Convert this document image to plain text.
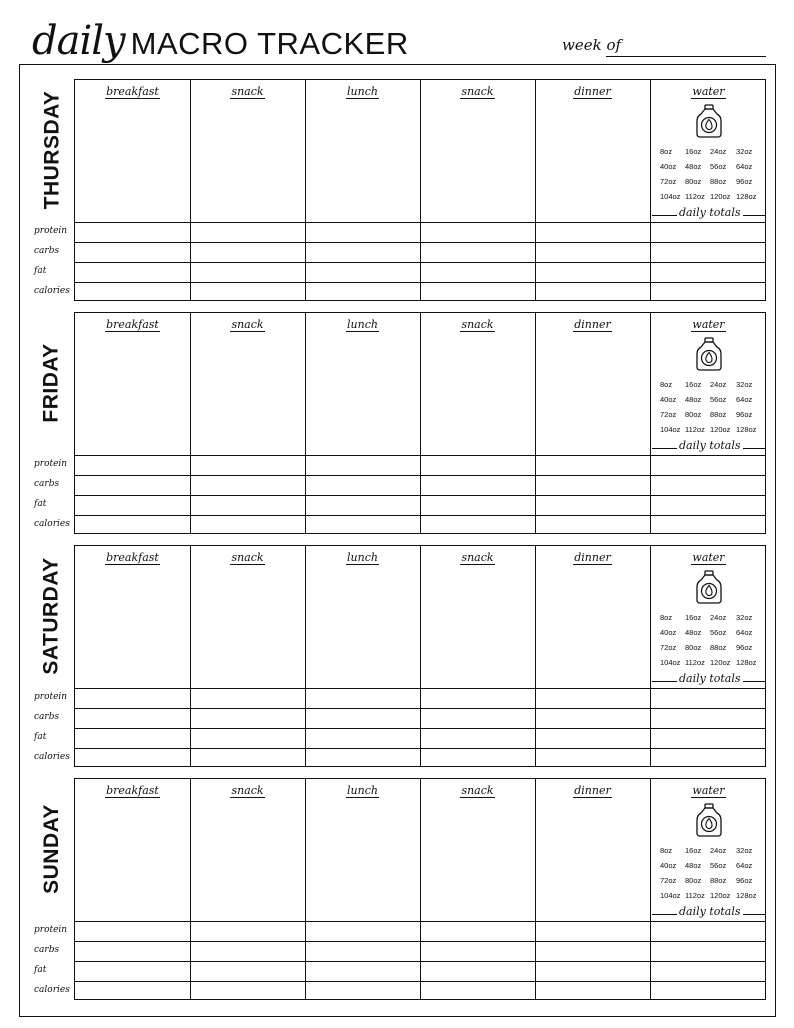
daily MACRO TRACKER	week of
THURSDAY
protein
carbs
fat
calories
breakfast	snack	lunch	snack	dinner	water
8oz 16oz 24oz 32oz
40oz 48oz 56oz 64oz
72oz 80oz 88oz 96oz
104oz 112oz 120oz 128oz
daily totals
FRIDAY
protein
carbs
fat
calories
breakfast	snack	lunch	snack	dinner	water
8oz 16oz 24oz 32oz
40oz 48oz 56oz 64oz
72oz 80oz 88oz 96oz
104oz 112oz 120oz 128oz
daily totals
SATURDAY
protein
carbs
fat
calories
breakfast	snack	lunch	snack	dinner	water
8oz 16oz 24oz 32oz
40oz 48oz 56oz 64oz
72oz 80oz 88oz 96oz
104oz 112oz 120oz 128oz
daily totals
SUNDAY
protein
carbs
fat
calories
breakfast	snack	lunch	snack	dinner	water
8oz 16oz 24oz 32oz
40oz 48oz 56oz 64oz
72oz 80oz 88oz 96oz
104oz 112oz 120oz 128oz
daily totals
